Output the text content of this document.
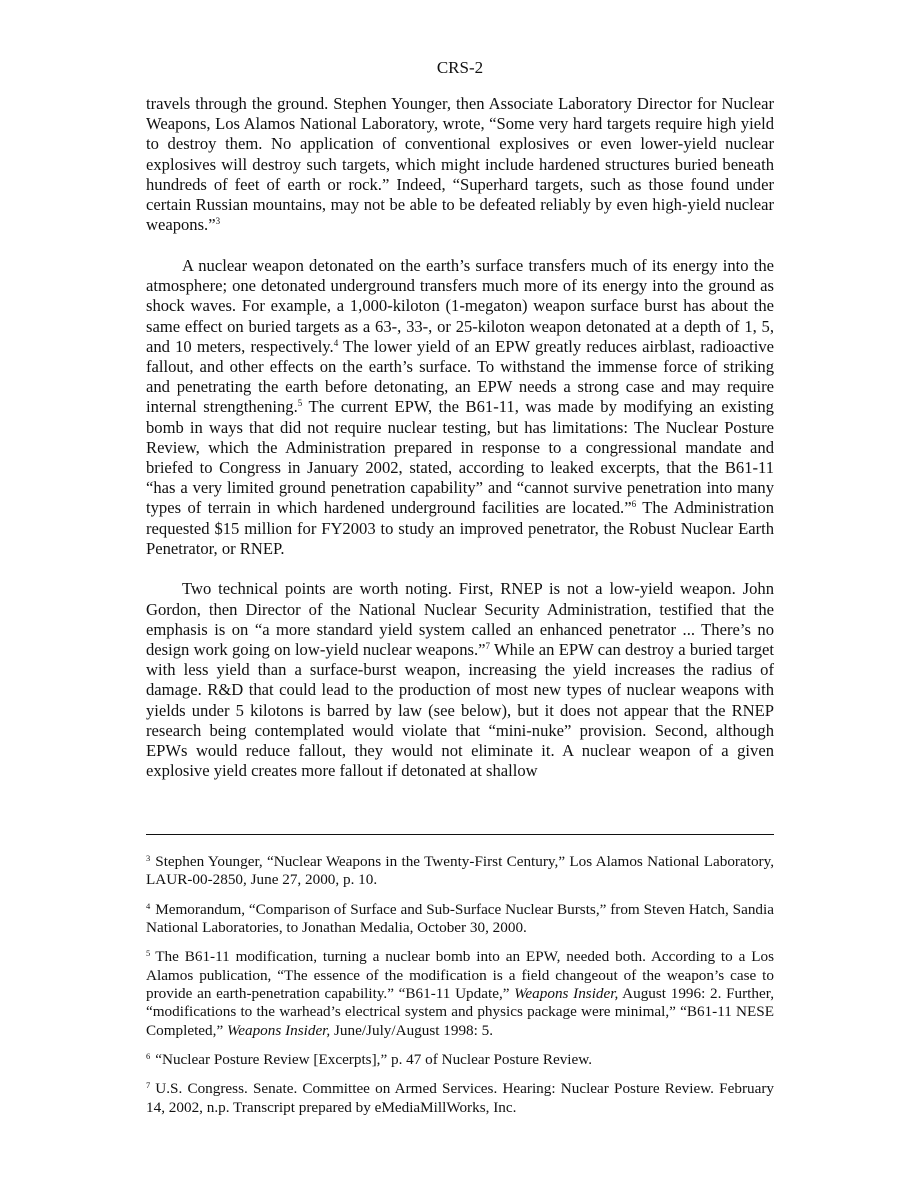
CRS-2

travels through the ground. Stephen Younger, then Associate Laboratory Director for Nuclear Weapons, Los Alamos National Laboratory, wrote, “Some very hard targets require high yield to destroy them. No application of conventional explosives or even lower-yield nuclear explosives will destroy such targets, which might include hardened structures buried beneath hundreds of feet of earth or rock.” Indeed, “Superhard targets, such as those found under certain Russian mountains, may not be able to be defeated reliably by even high-yield nuclear weapons.”$^3$

A nuclear weapon detonated on the earth’s surface transfers much of its energy into the atmosphere; one detonated underground transfers much more of its energy into the ground as shock waves. For example, a 1,000-kiloton (1-megaton) weapon surface burst has about the same effect on buried targets as a 63-, 33-, or 25-kiloton weapon detonated at a depth of 1, 5, and 10 meters, respectively.$^4$ The lower yield of an EPW greatly reduces airblast, radioactive fallout, and other effects on the earth’s surface. To withstand the immense force of striking and penetrating the earth before detonating, an EPW needs a strong case and may require internal strengthening.$^5$ The current EPW, the B61-11, was made by modifying an existing bomb in ways that did not require nuclear testing, but has limitations: The Nuclear Posture Review, which the Administration prepared in response to a congressional mandate and briefed to Congress in January 2002, stated, according to leaked excerpts, that the B61-11 “has a very limited ground penetration capability” and “cannot survive penetration into many types of terrain in which hardened underground facilities are located.”$^6$ The Administration requested $15 million for FY2003 to study an improved penetrator, the Robust Nuclear Earth Penetrator, or RNEP.

Two technical points are worth noting. First, RNEP is not a low-yield weapon. John Gordon, then Director of the National Nuclear Security Administration, testified that the emphasis is on “a more standard yield system called an enhanced penetrator ... There’s no design work going on low-yield nuclear weapons.”$^7$ While an EPW can destroy a buried target with less yield than a surface-burst weapon, increasing the yield increases the radius of damage. R&D that could lead to the production of most new types of nuclear weapons with yields under 5 kilotons is barred by law (see below), but it does not appear that the RNEP research being contemplated would violate that “mini-nuke” provision. Second, although EPWs would reduce fallout, they would not eliminate it. A nuclear weapon of a given explosive yield creates more fallout if detonated at shallow

$^3$ Stephen Younger, “Nuclear Weapons in the Twenty-First Century,” Los Alamos National Laboratory, LAUR-00-2850, June 27, 2000, p. 10.

$^4$ Memorandum, “Comparison of Surface and Sub-Surface Nuclear Bursts,” from Steven Hatch, Sandia National Laboratories, to Jonathan Medalia, October 30, 2000.

$^5$ The B61-11 modification, turning a nuclear bomb into an EPW, needed both. According to a Los Alamos publication, “The essence of the modification is a field changeout of the weapon’s case to provide an earth-penetration capability.” “B61-11 Update,” Weapons Insider, August 1996: 2. Further, “modifications to the warhead’s electrical system and physics package were minimal,” “B61-11 NESE Completed,” Weapons Insider, June/July/August 1998: 5.

$^6$ “Nuclear Posture Review [Excerpts],” p. 47 of Nuclear Posture Review.

$^7$ U.S. Congress. Senate. Committee on Armed Services. Hearing: Nuclear Posture Review. February 14, 2002, n.p. Transcript prepared by eMediaMillWorks, Inc.
